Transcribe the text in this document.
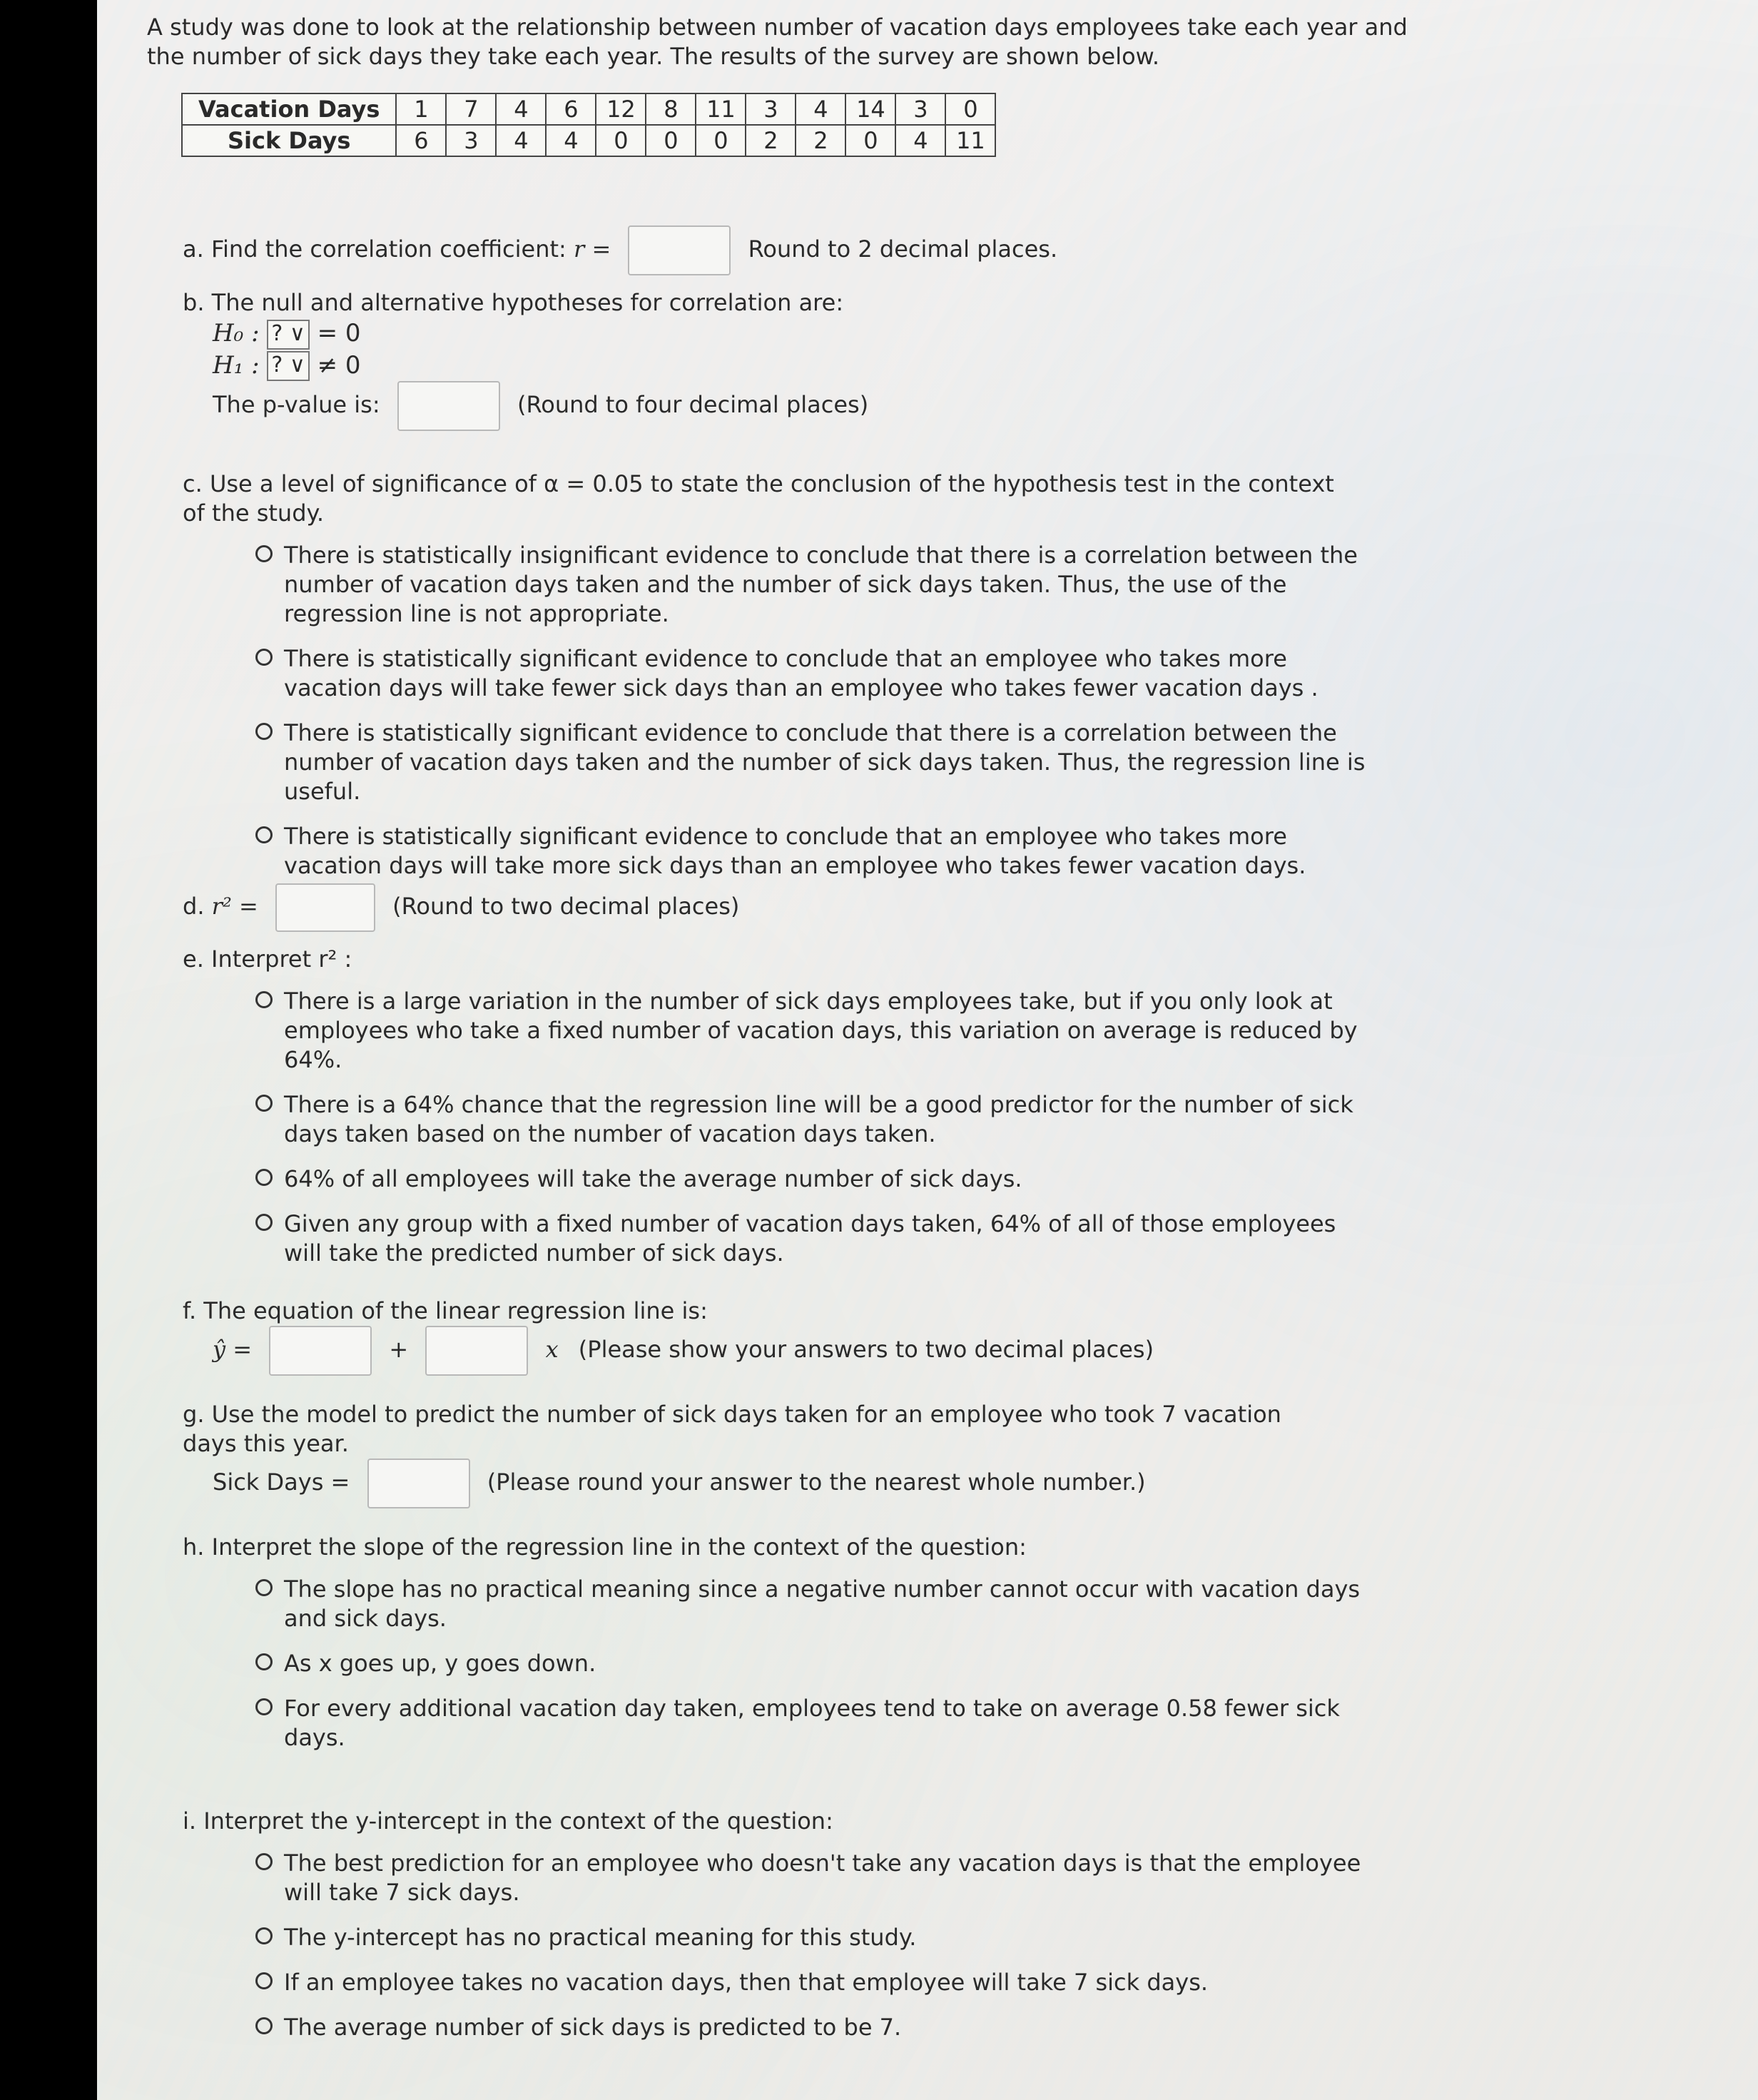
A study was done to look at the relationship between number of vacation days employees take each year and the number of sick days they take each year. The results of the survey are shown below.
Vacation Days	1	7	4	6	12	8	11	3	4	14	3	0
Sick Days	6	3	4	4	0	0	0	2	2	0	4	11
a. Find the correlation coefficient: r =	Round to 2 decimal places.
b. The null and alternative hypotheses for correlation are:
H₀ : ? ∨ = 0
H₁ : ? ∨ ≠ 0
The p-value is:	(Round to four decimal places)
c. Use a level of significance of α = 0.05 to state the conclusion of the hypothesis test in the context of the study.
There is statistically insignificant evidence to conclude that there is a correlation between the number of vacation days taken and the number of sick days taken. Thus, the use of the regression line is not appropriate.
There is statistically significant evidence to conclude that an employee who takes more vacation days will take fewer sick days than an employee who takes fewer vacation days .
There is statistically significant evidence to conclude that there is a correlation between the number of vacation days taken and the number of sick days taken. Thus, the regression line is useful.
There is statistically significant evidence to conclude that an employee who takes more vacation days will take more sick days than an employee who takes fewer vacation days.
d. r² =	(Round to two decimal places)
e. Interpret r² :
There is a large variation in the number of sick days employees take, but if you only look at employees who take a fixed number of vacation days, this variation on average is reduced by 64%.
There is a 64% chance that the regression line will be a good predictor for the number of sick days taken based on the number of vacation days taken.
64% of all employees will take the average number of sick days.
Given any group with a fixed number of vacation days taken, 64% of all of those employees will take the predicted number of sick days.
f. The equation of the linear regression line is:
ŷ =	+	x (Please show your answers to two decimal places)
g. Use the model to predict the number of sick days taken for an employee who took 7 vacation days this year.
Sick Days =	(Please round your answer to the nearest whole number.)
h. Interpret the slope of the regression line in the context of the question:
The slope has no practical meaning since a negative number cannot occur with vacation days and sick days.
As x goes up, y goes down.
For every additional vacation day taken, employees tend to take on average 0.58 fewer sick days.
i. Interpret the y-intercept in the context of the question:
The best prediction for an employee who doesn't take any vacation days is that the employee will take 7 sick days.
The y-intercept has no practical meaning for this study.
If an employee takes no vacation days, then that employee will take 7 sick days.
The average number of sick days is predicted to be 7.
